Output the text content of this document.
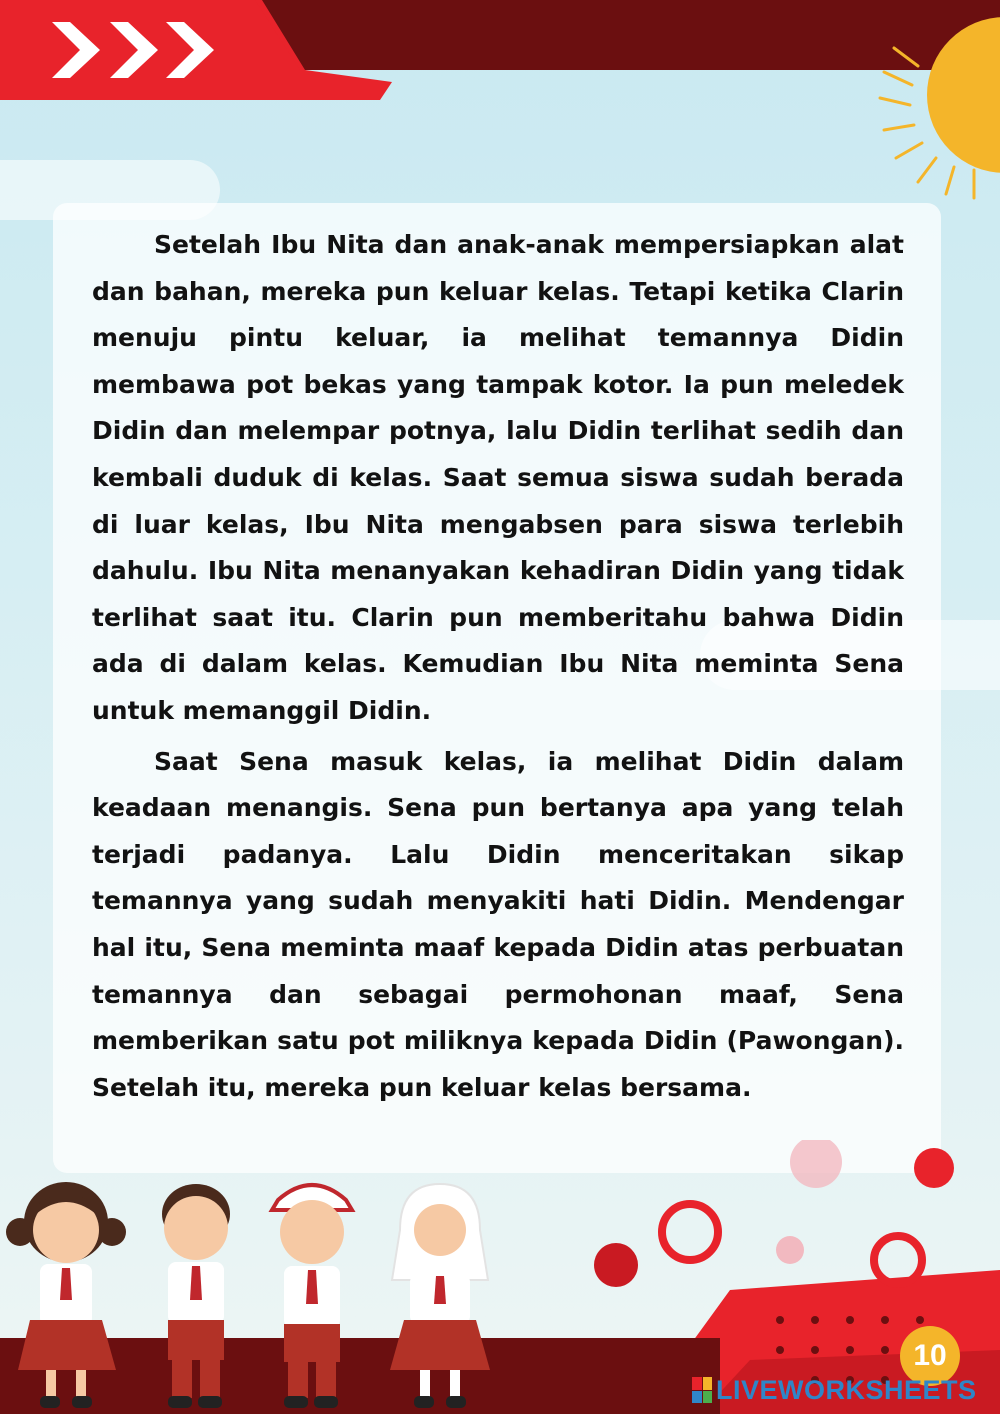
Setelah Ibu Nita dan anak-anak mempersiapkan alat dan bahan, mereka pun keluar kelas. Tetapi ketika Clarin menuju pintu keluar, ia melihat temannya Didin membawa pot bekas yang tampak kotor. Ia pun meledek Didin dan melempar potnya, lalu Didin terlihat sedih dan kembali duduk di kelas. Saat semua siswa sudah berada di luar kelas, Ibu Nita mengabsen para siswa terlebih dahulu. Ibu Nita menanyakan kehadiran Didin yang tidak terlihat saat itu. Clarin pun memberitahu bahwa Didin ada di dalam kelas. Kemudian Ibu Nita meminta Sena untuk memanggil Didin.

Saat Sena masuk kelas, ia melihat Didin dalam keadaan menangis. Sena pun bertanya apa yang telah terjadi padanya. Lalu Didin menceritakan sikap temannya yang sudah menyakiti hati Didin. Mendengar hal itu, Sena meminta maaf kepada Didin atas perbuatan temannya dan sebagai permohonan maaf, Sena memberikan satu pot miliknya kepada Didin (Pawongan). Setelah itu, mereka pun keluar kelas bersama.

10
LIVEWORKSHEETS
